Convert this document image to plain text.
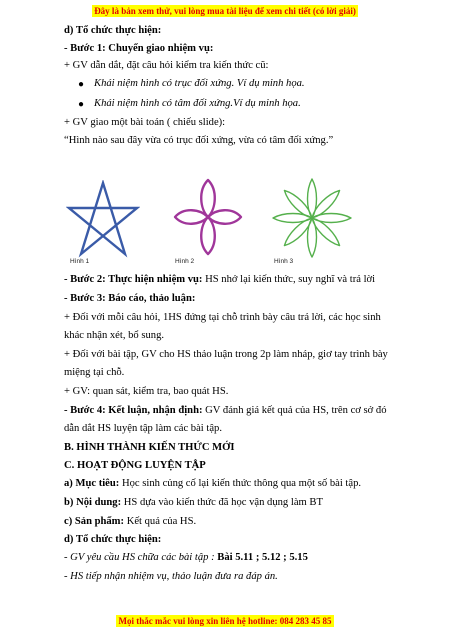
Đây là bản xem thử, vui lòng mua tài liệu để xem chi tiết (có lời giải)
d) Tổ chức thực hiện:
- Bước 1: Chuyển giao nhiệm vụ:
+ GV dẫn dắt, đặt câu hỏi kiểm tra kiến thức cũ:
● Khái niệm hình có trục đối xứng. Ví dụ minh họa.
● Khái niệm hình có tâm đối xứng.Ví dụ minh họa.
+ GV giao một bài toán ( chiếu slide):
“Hình nào sau đây vừa có trục đối xứng, vừa có tâm đối xứng.”
- Bước 2: Thực hiện nhiệm vụ: HS nhớ lại kiến thức, suy nghĩ và trả lời
- Bước 3: Báo cáo, thảo luận:
+ Đối với mỗi câu hỏi, 1HS đứng tại chỗ trình bày câu trả lời, các học sinh
khác nhận xét, bổ sung.
+ Đối với bài tập, GV cho HS thảo luận trong 2p làm nháp, giơ tay trình bày
miệng tại chỗ.
+ GV: quan sát, kiểm tra, bao quát HS.
- Bước 4: Kết luận, nhận định: GV đánh giá kết quả của HS, trên cơ sở đó
dẫn dắt HS luyện tập làm các bài tập.
B. HÌNH THÀNH KIẾN THỨC MỚI
C. HOẠT ĐỘNG LUYỆN TẬP
a) Mục tiêu: Học sinh củng cố lại kiến thức thông qua một số bài tập.
b) Nội dung: HS dựa vào kiến thức đã học vận dụng làm BT
c) Sản phẩm: Kết quả của HS.
d) Tổ chức thực hiện:
- GV yêu cầu HS chữa các bài tập : Bài 5.11 ; 5.12 ; 5.15
- HS tiếp nhận nhiệm vụ, thảo luận đưa ra đáp án.
Hình 1	Hình 2	Hình 3
Mọi thắc mắc vui lòng xin liên hệ hotline: 084 283 45 85
